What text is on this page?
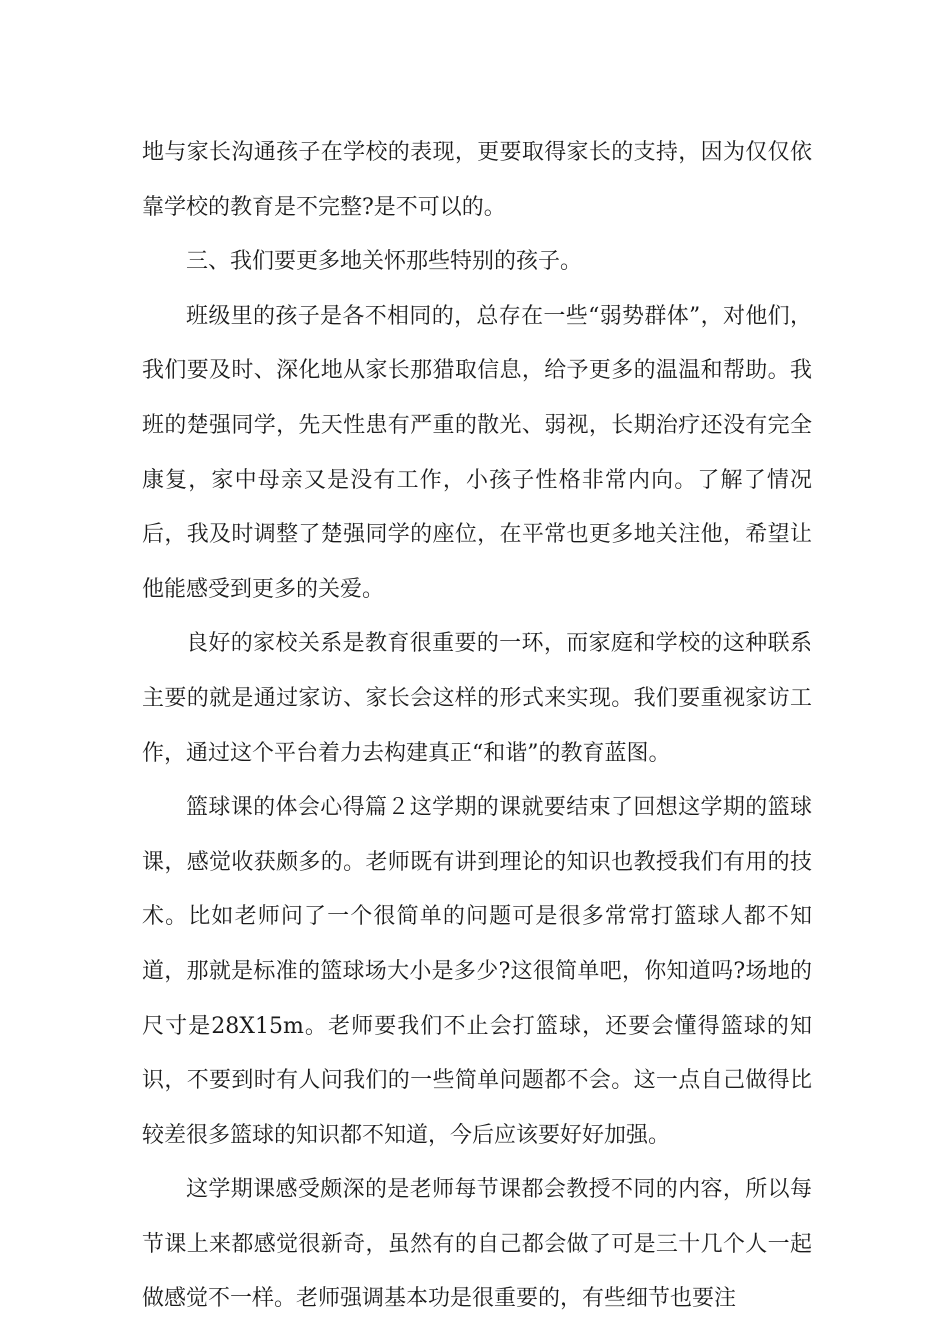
地与家长沟通孩子在学校的表现，更要取得家长的支持，因为仅仅依靠学校的教育是不完整?是不可以的。

三、我们要更多地关怀那些特别的孩子。

班级里的孩子是各不相同的，总存在一些“弱势群体”，对他们，我们要及时、深化地从家长那猎取信息，给予更多的温温和帮助。我班的楚强同学，先天性患有严重的散光、弱视，长期治疗还没有完全康复，家中母亲又是没有工作，小孩子性格非常内向。了解了情况后，我及时调整了楚强同学的座位，在平常也更多地关注他，希望让他能感受到更多的关爱。

良好的家校关系是教育很重要的一环，而家庭和学校的这种联系主要的就是通过家访、家长会这样的形式来实现。我们要重视家访工作，通过这个平台着力去构建真正“和谐”的教育蓝图。

篮球课的体会心得篇２这学期的课就要结束了回想这学期的篮球课，感觉收获颇多的。老师既有讲到理论的知识也教授我们有用的技术。比如老师问了一个很简单的问题可是很多常常打篮球人都不知道，那就是标准的篮球场大小是多少?这很简单吧，你知道吗?场地的尺寸是28X15m。老师要我们不止会打篮球，还要会懂得篮球的知识，不要到时有人问我们的一些简单问题都不会。这一点自己做得比较差很多篮球的知识都不知道，今后应该要好好加强。

这学期课感受颇深的是老师每节课都会教授不同的内容，所以每节课上来都感觉很新奇，虽然有的自己都会做了可是三十几个人一起做感觉不一样。老师强调基本功是很重要的，有些细节也要注
